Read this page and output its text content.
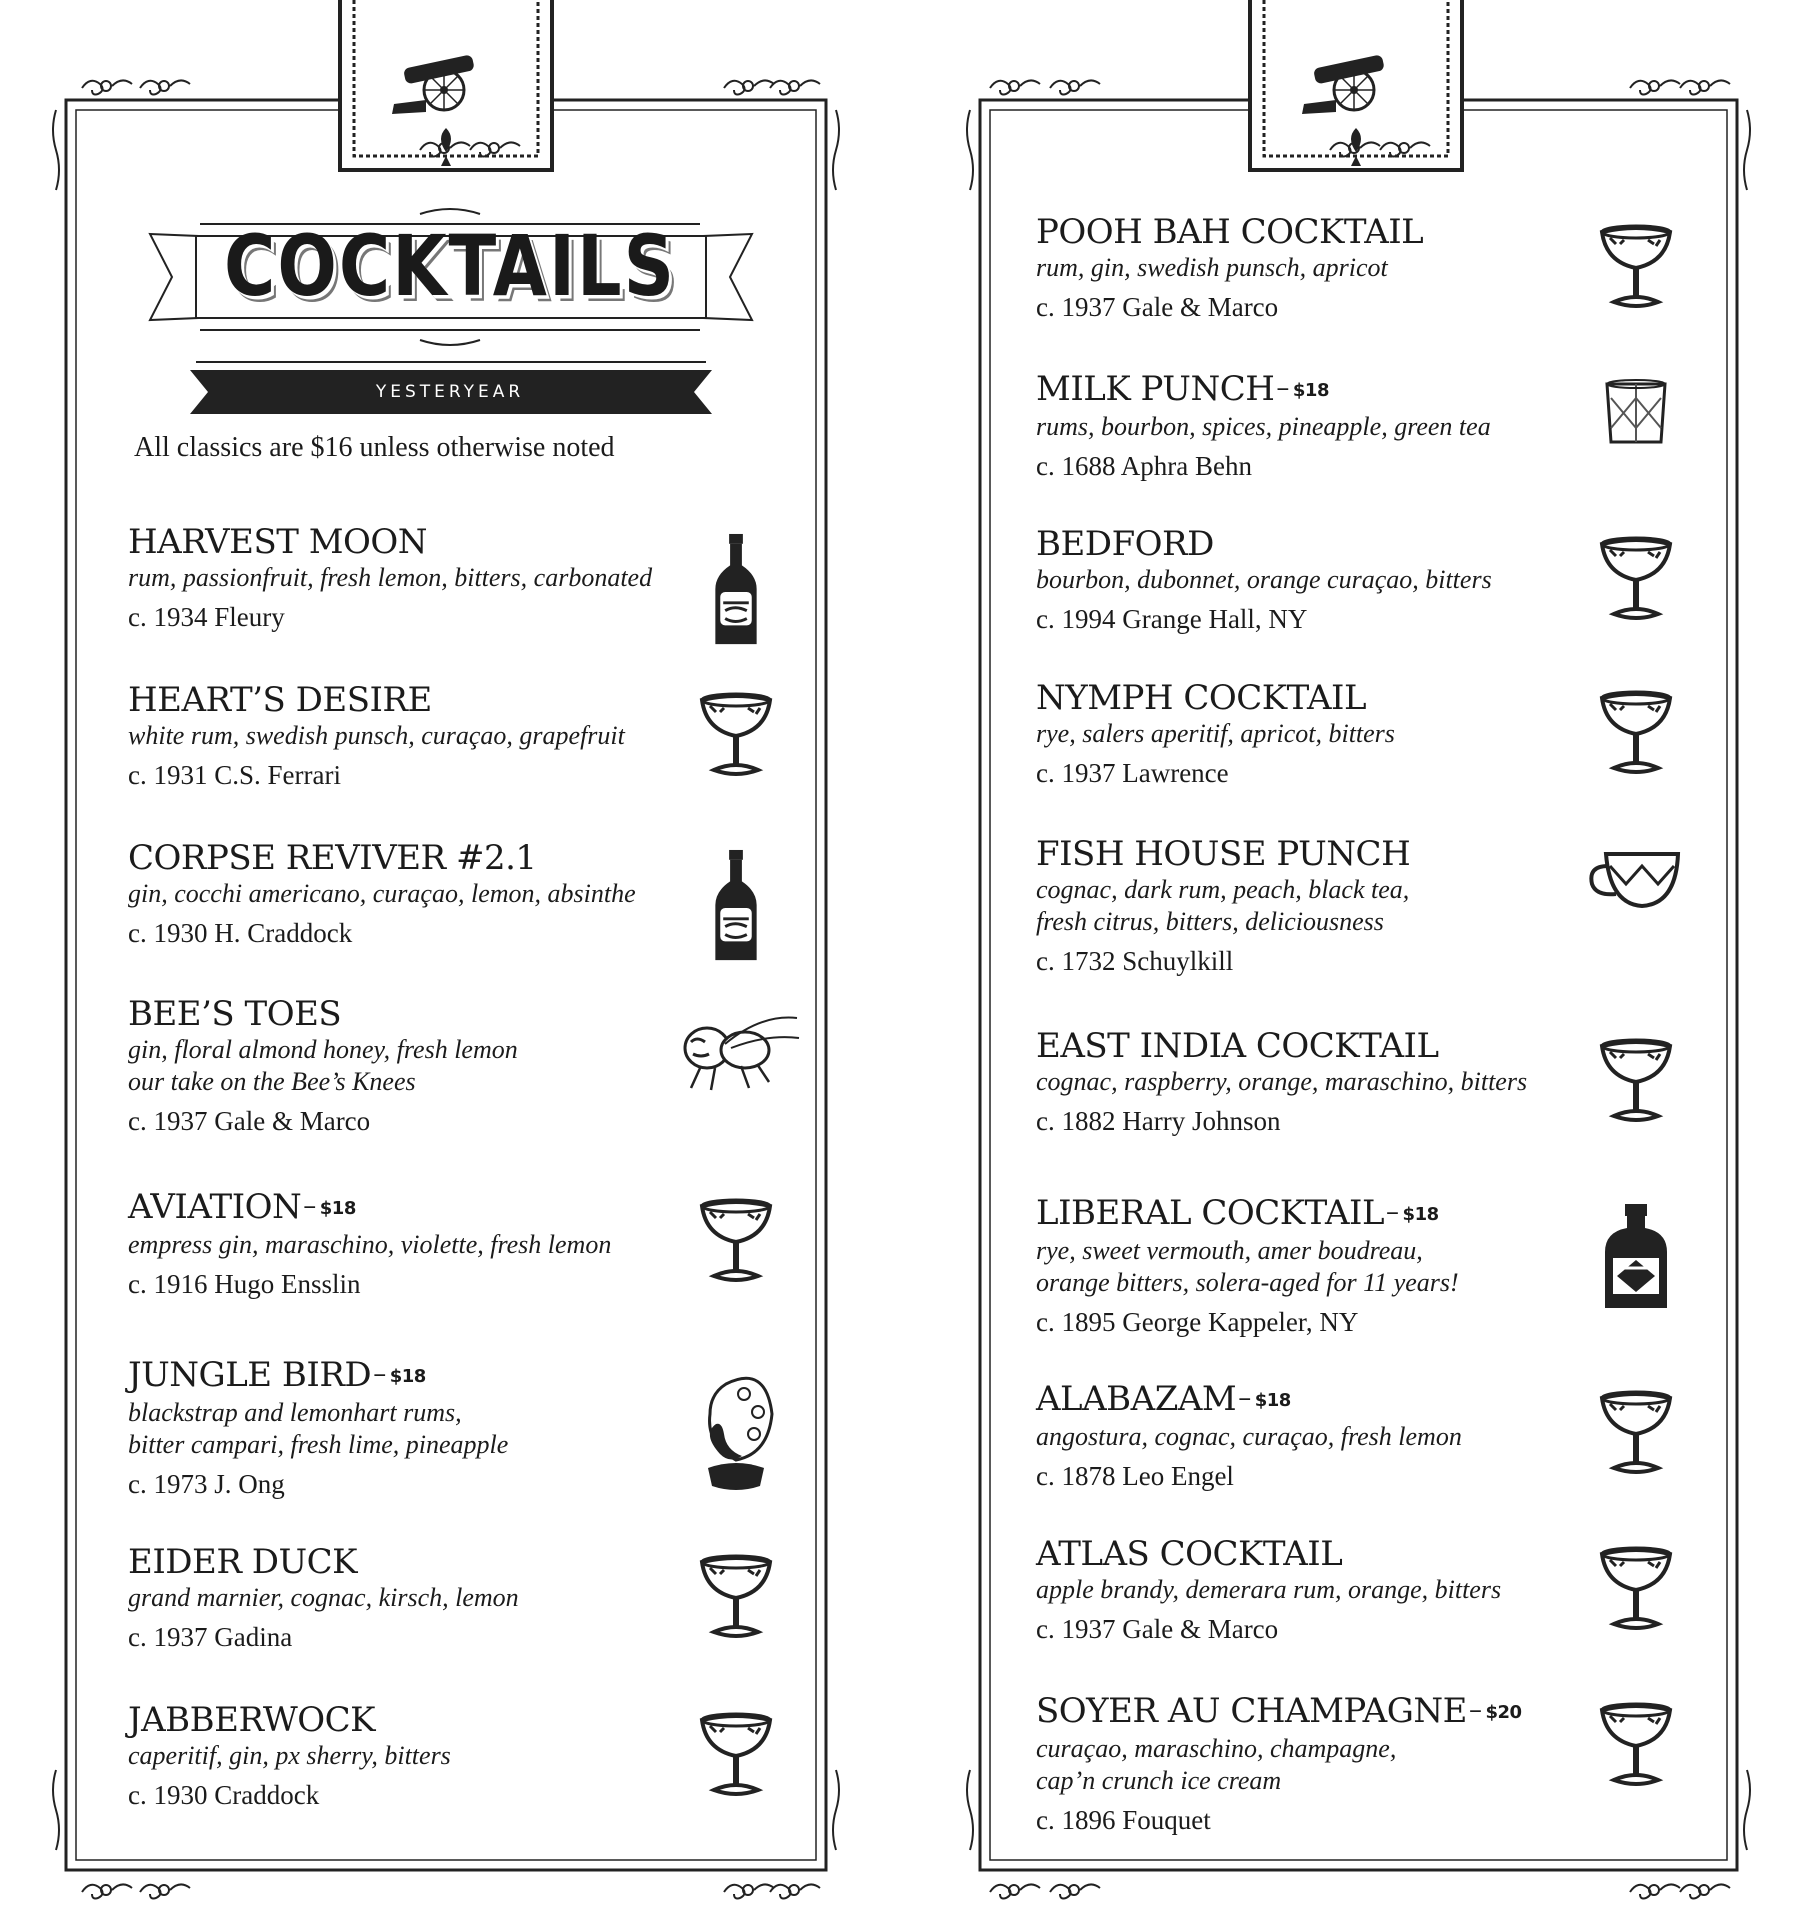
COCKTAILS
YESTERYEAR
All classics are $16 unless otherwise noted
HARVEST MOON
rum, passionfruit, fresh lemon, bitters, carbonated
c. 1934 Fleury
HEART’S DESIRE
white rum, swedish punsch, curaçao, grapefruit
c. 1931 C.S. Ferrari
CORPSE REVIVER #2.1
gin, cocchi americano, curaçao, lemon, absinthe
c. 1930 H. Craddock
BEE’S TOES
gin, floral almond honey, fresh lemon
our take on the Bee’s Knees
c. 1937 Gale & Marco
AVIATION– $18
empress gin, maraschino, violette, fresh lemon
c. 1916 Hugo Ensslin
JUNGLE BIRD– $18
blackstrap and lemonhart rums,
bitter campari, fresh lime, pineapple
c. 1973 J. Ong
EIDER DUCK
grand marnier, cognac, kirsch, lemon
c. 1937 Gadina
JABBERWOCK
caperitif, gin, px sherry, bitters
c. 1930 Craddock
POOH BAH COCKTAIL
rum, gin, swedish punsch, apricot
c. 1937 Gale & Marco
MILK PUNCH– $18
rums, bourbon, spices, pineapple, green tea
c. 1688 Aphra Behn
BEDFORD
bourbon, dubonnet, orange curaçao, bitters
c. 1994 Grange Hall, NY
NYMPH COCKTAIL
rye, salers aperitif, apricot, bitters
c. 1937 Lawrence
FISH HOUSE PUNCH
cognac, dark rum, peach, black tea,
fresh citrus, bitters, deliciousness
c. 1732 Schuylkill
EAST INDIA COCKTAIL
cognac, raspberry, orange, maraschino, bitters
c. 1882 Harry Johnson
LIBERAL COCKTAIL– $18
rye, sweet vermouth, amer boudreau,
orange bitters, solera-aged for 11 years!
c. 1895 George Kappeler, NY
ALABAZAM– $18
angostura, cognac, curaçao, fresh lemon
c. 1878 Leo Engel
ATLAS COCKTAIL
apple brandy, demerara rum, orange, bitters
c. 1937 Gale & Marco
SOYER AU CHAMPAGNE– $20
curaçao, maraschino, champagne,
cap’n crunch ice cream
c. 1896 Fouquet
